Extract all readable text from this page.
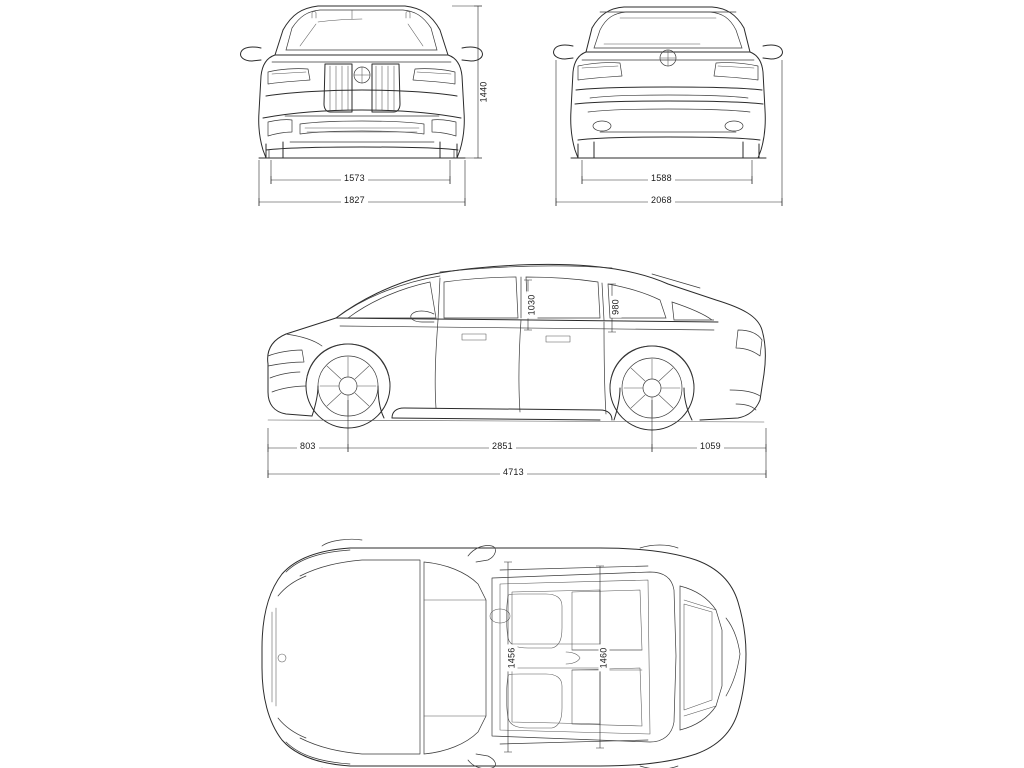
1573
1827
1440
1588
2068
1030	980
803	2851	1059
4713
1456	1460
